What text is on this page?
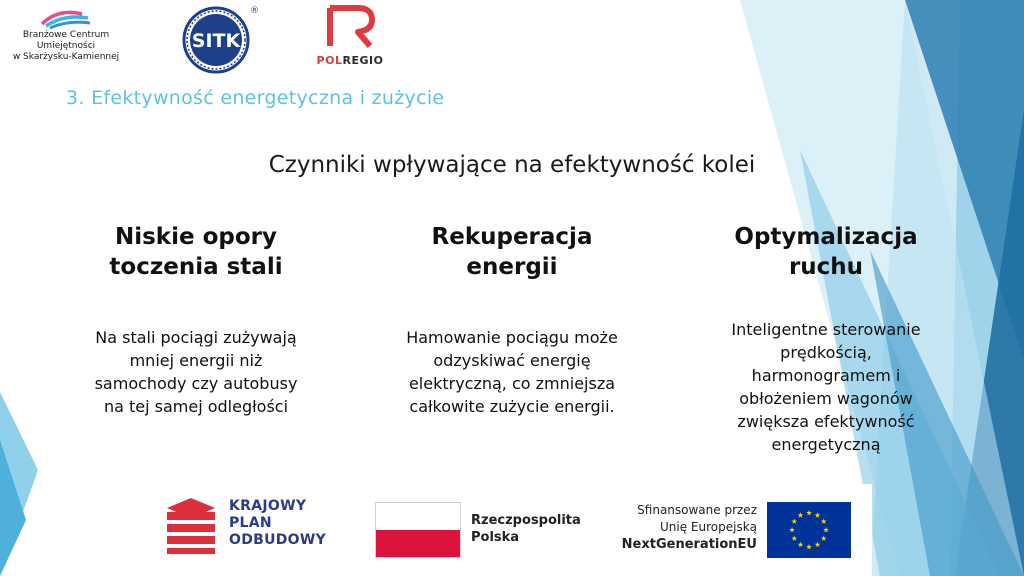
Branżowe Centrum
Umiejętności
w Skarżysku-Kamiennej
SITK
®
POLREGIO
3. Efektywność energetyczna i zużycie
Czynniki wpływające na efektywność kolei
Niskie opory
toczenia stali

Na stali pociągi zużywają
mniej energii niż
samochody czy autobusy
na tej samej odległości

Rekuperacja
energii

Hamowanie pociągu może
odzyskiwać energię
elektryczną, co zmniejsza
całkowite zużycie energii.

Optymalizacja
ruchu

Inteligentne sterowanie
prędkością,
harmonogramem i
obłożeniem wagonów
zwiększa efektywność
energetyczną

KRAJOWY
PLAN
ODBUDOWY
Rzeczpospolita
Polska
Sfinansowane przez
Unię Europejską
NextGenerationEU
